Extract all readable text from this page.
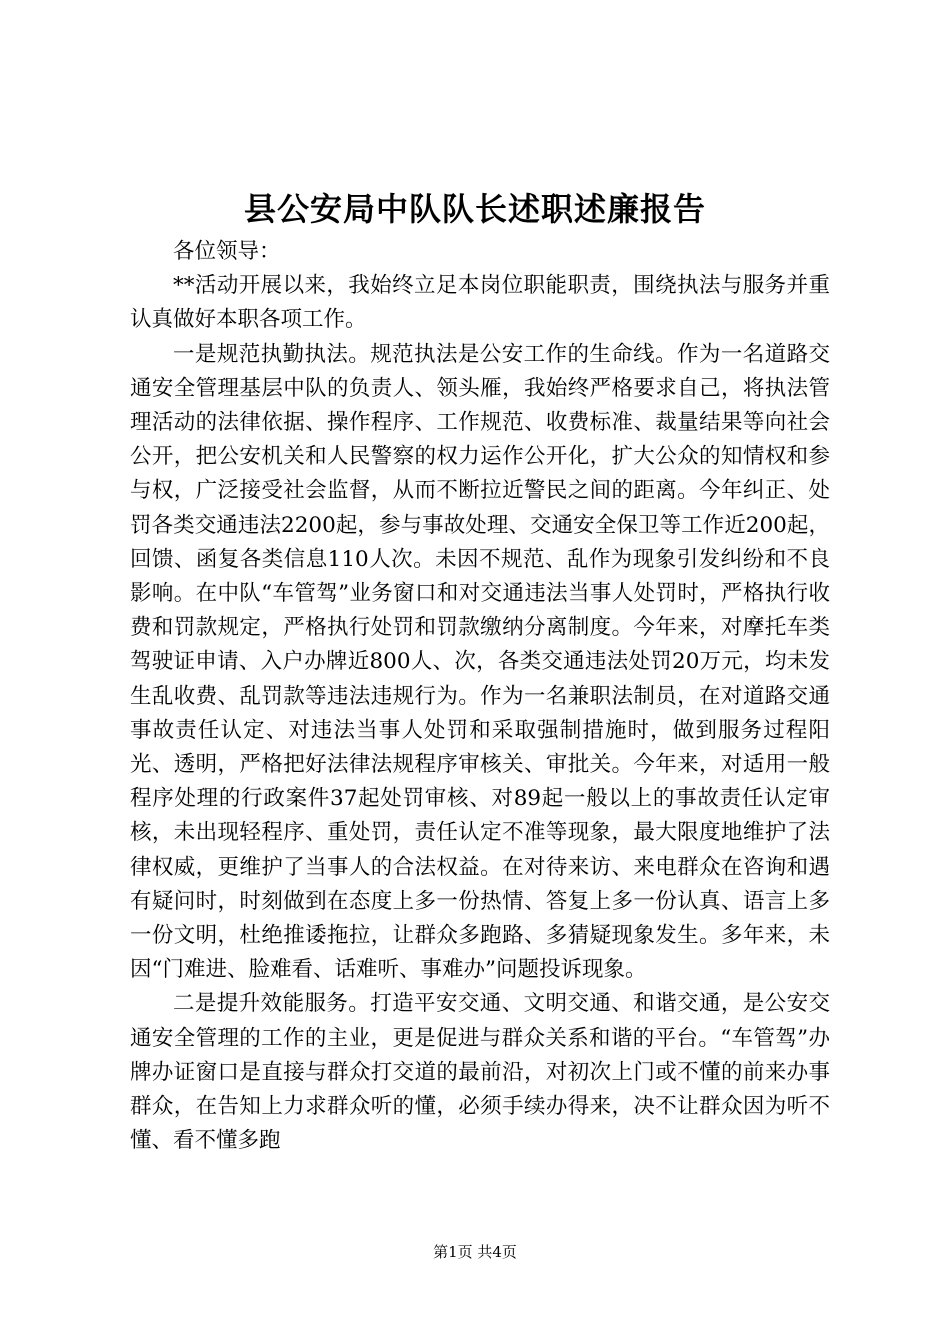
县公安局中队队长述职述廉报告

各位领导：

**活动开展以来，我始终立足本岗位职能职责，围绕执法与服务并重认真做好本职各项工作。

一是规范执勤执法。规范执法是公安工作的生命线。作为一名道路交通安全管理基层中队的负责人、领头雁，我始终严格要求自己，将执法管理活动的法律依据、操作程序、工作规范、收费标准、裁量结果等向社会公开，把公安机关和人民警察的权力运作公开化，扩大公众的知情权和参与权，广泛接受社会监督，从而不断拉近警民之间的距离。今年纠正、处罚各类交通违法2200起，参与事故处理、交通安全保卫等工作近200起，回馈、函复各类信息110人次。未因不规范、乱作为现象引发纠纷和不良影响。在中队“车管驾”业务窗口和对交通违法当事人处罚时，严格执行收费和罚款规定，严格执行处罚和罚款缴纳分离制度。今年来，对摩托车类驾驶证申请、入户办牌近800人、次，各类交通违法处罚20万元，均未发生乱收费、乱罚款等违法违规行为。作为一名兼职法制员，在对道路交通事故责任认定、对违法当事人处罚和采取强制措施时，做到服务过程阳光、透明，严格把好法律法规程序审核关、审批关。今年来，对适用一般程序处理的行政案件37起处罚审核、对89起一般以上的事故责任认定审核，未出现轻程序、重处罚，责任认定不准等现象，最大限度地维护了法律权威，更维护了当事人的合法权益。在对待来访、来电群众在咨询和遇有疑问时，时刻做到在态度上多一份热情、答复上多一份认真、语言上多一份文明，杜绝推诿拖拉，让群众多跑路、多猜疑现象发生。多年来，未因“门难进、脸难看、话难听、事难办”问题投诉现象。

二是提升效能服务。打造平安交通、文明交通、和谐交通，是公安交通安全管理的工作的主业，更是促进与群众关系和谐的平台。“车管驾”办牌办证窗口是直接与群众打交道的最前沿，对初次上门或不懂的前来办事群众，在告知上力求群众听的懂，必须手续办得来，决不让群众因为听不懂、看不懂多跑

第1页 共4页
